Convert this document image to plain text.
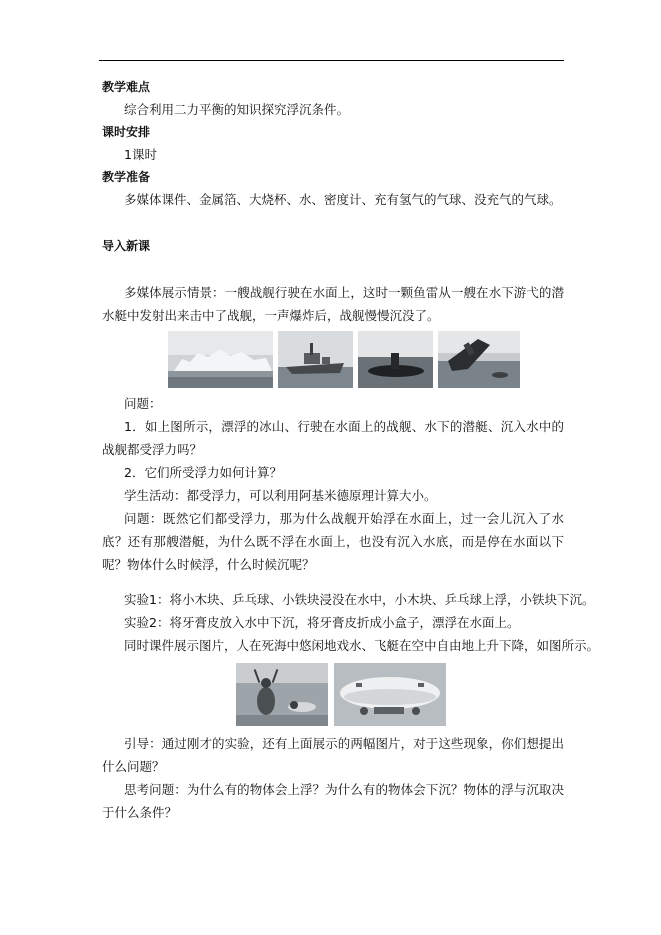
教学难点
综合利用二力平衡的知识探究浮沉条件。
课时安排
1课时
教学准备
多媒体课件、金属箔、大烧杯、水、密度计、充有氢气的气球、没充气的气球。
导入新课
多媒体展示情景：一艘战舰行驶在水面上，这时一颗鱼雷从一艘在水下游弋的潜水艇中发射出来击中了战舰，一声爆炸后，战舰慢慢沉没了。
问题：
1．如上图所示，漂浮的冰山、行驶在水面上的战舰、水下的潜艇、沉入水中的战舰都受浮力吗？
2．它们所受浮力如何计算？
学生活动：都受浮力，可以利用阿基米德原理计算大小。
问题：既然它们都受浮力，那为什么战舰开始浮在水面上，过一会儿沉入了水底？还有那艘潜艇，为什么既不浮在水面上，也没有沉入水底，而是停在水面以下呢？物体什么时候浮，什么时候沉呢？
实验1：将小木块、乒乓球、小铁块浸没在水中，小木块、乒乓球上浮，小铁块下沉。
实验2：将牙膏皮放入水中下沉，将牙膏皮折成小盒子，漂浮在水面上。
同时课件展示图片，人在死海中悠闲地戏水、飞艇在空中自由地上升下降，如图所示。
引导：通过刚才的实验，还有上面展示的两幅图片，对于这些现象，你们想提出什么问题？
思考问题：为什么有的物体会上浮？为什么有的物体会下沉？物体的浮与沉取决于什么条件？
